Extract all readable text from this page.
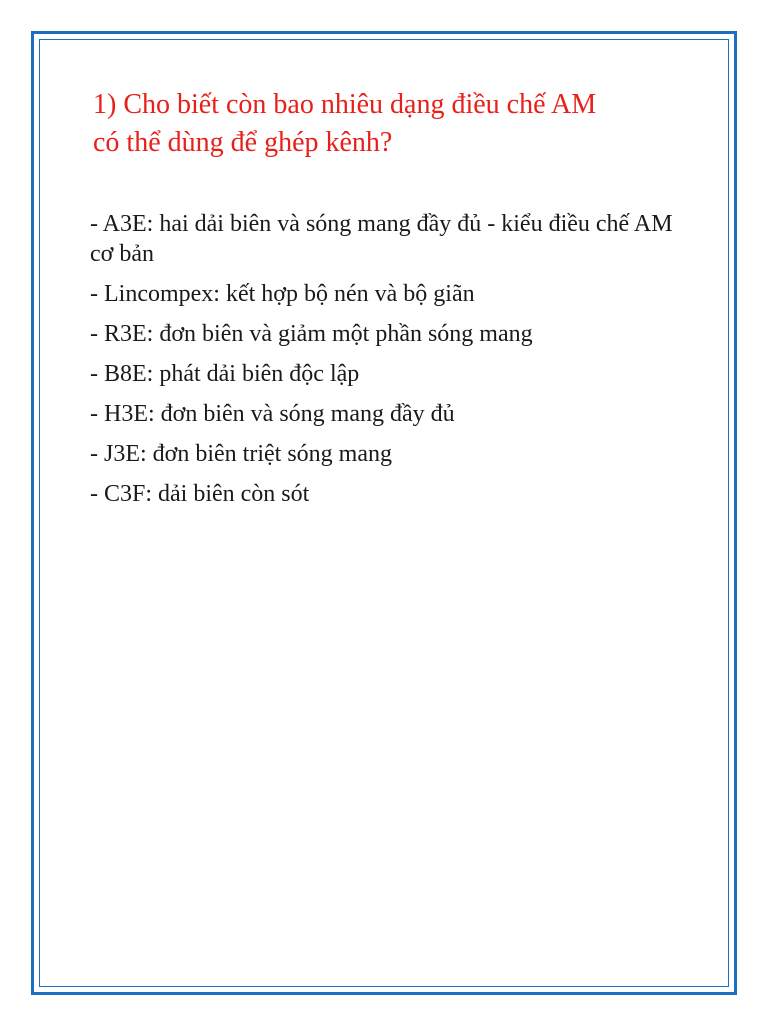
1) Cho biết còn bao nhiêu dạng điều chế AM
có thể dùng để ghép kênh?
- A3E: hai dải biên và sóng mang đầy đủ - kiểu điều chế AM cơ bản
- Lincompex: kết hợp bộ nén và bộ giãn
- R3E: đơn biên và giảm một phần sóng mang
- B8E: phát dải biên độc lập
- H3E: đơn biên và sóng mang đầy đủ
- J3E: đơn biên triệt sóng mang
- C3F: dải biên còn sót
